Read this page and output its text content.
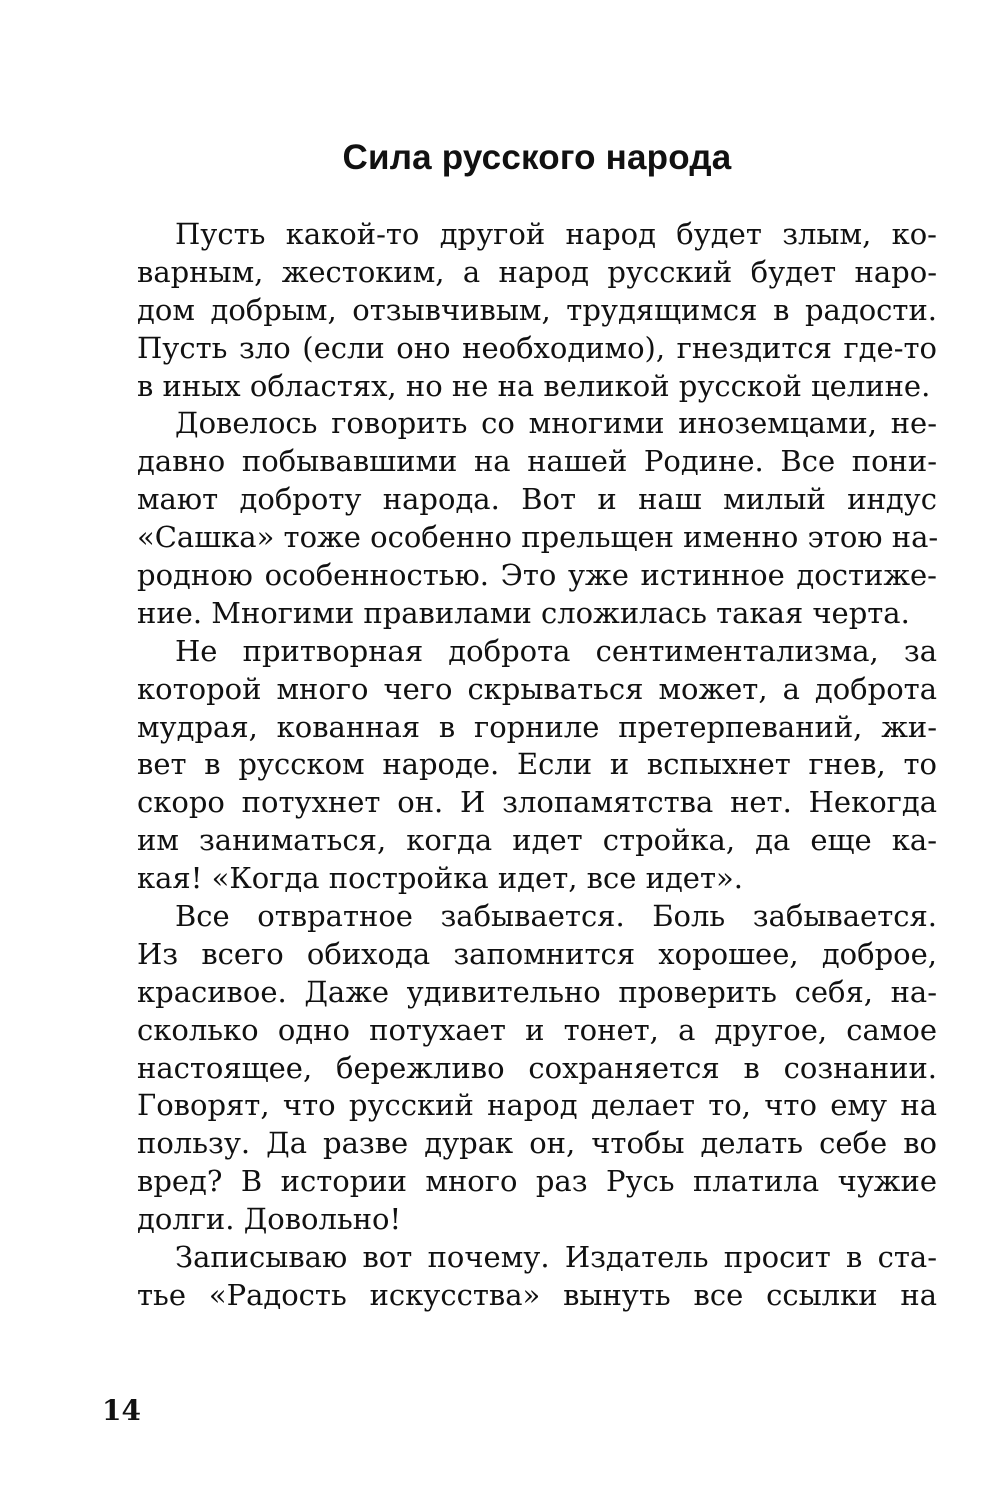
Сила русского народа
Пусть какой-то другой народ будет злым, ко-
варным, жестоким, а народ русский будет наро-
дом добрым, отзывчивым, трудящимся в радости.
Пусть зло (если оно необходимо), гнездится где-то
в иных областях, но не на великой русской целине.
Довелось говорить со многими иноземцами, не-
давно побывавшими на нашей Родине. Все пони-
мают доброту народа. Вот и наш милый индус
«Сашка» тоже особенно прельщен именно этою на-
родною особенностью. Это уже истинное достиже-
ние. Многими правилами сложилась такая черта.
Не притворная доброта сентиментализма, за
которой много чего скрываться может, а доброта
мудрая, кованная в горниле претерпеваний, жи-
вет в русском народе. Если и вспыхнет гнев, то
скоро потухнет он. И злопамятства нет. Некогда
им заниматься, когда идет стройка, да еще ка-
кая! «Когда постройка идет, все идет».
Все отвратное забывается. Боль забывается.
Из всего обихода запомнится хорошее, доброе,
красивое. Даже удивительно проверить себя, на-
сколько одно потухает и тонет, а другое, самое
настоящее, бережливо сохраняется в сознании.
Говорят, что русский народ делает то, что ему на
пользу. Да разве дурак он, чтобы делать себе во
вред? В истории много раз Русь платила чужие
долги. Довольно!
Записываю вот почему. Издатель просит в ста-
тье «Радость искусства» вынуть все ссылки на
14
